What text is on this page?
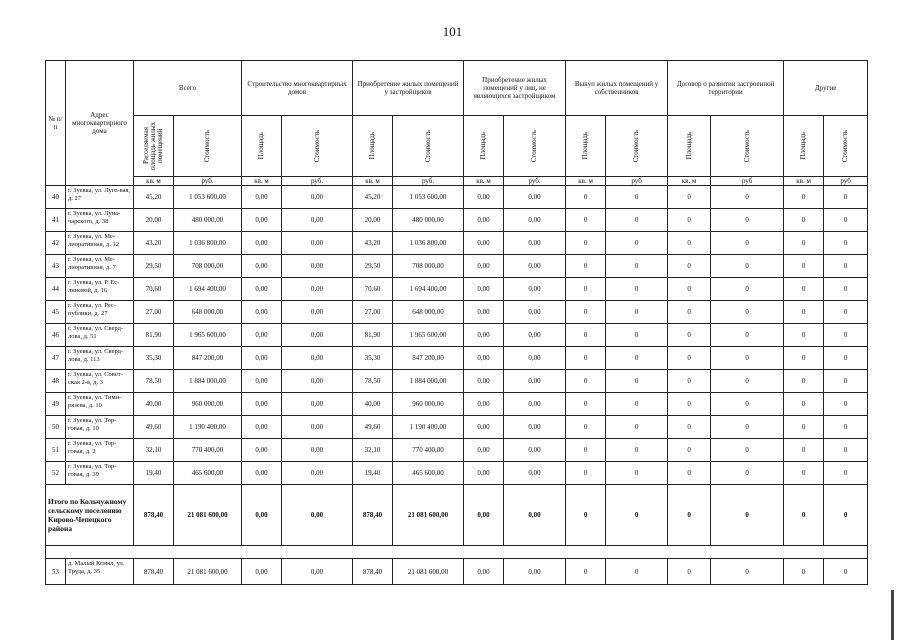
101
№ п/п	Адрес многоквартирного дома	Всего		Строительство многоквартирных домов		Приобретение жилых помещений у застройщиков		Приобретение жилых помещений у лиц, не являющихся застройщиком		Выкуп жилых помещений у собственников		Договор о развитии застроенной территории		Другие	

		Расселяемая площадь жилых помещений	Стоимость	Площадь	Стоимость	Площадь	Стоимость	Площадь	Стоимость	Площадь	Стоимость	Площадь	Стоимость	Площадь	Стоимость

		кв. м	руб.	кв. м	руб.	кв. м	руб.	кв. м	руб.	кв. м	руб	кв. м	руб	кв. м	руб
40	г. Зуевка, ул. Луго-вая, д. 27	45,20	1 053 600,00	0,00	0,00	45,20	1 053 600,00	0,00	0,00	0	0	0	0	0	0
41	г. Зуевка, ул. Луна-чарского, д. 38	20,00	480 000,00	0,00	0,00	20,00	480 000,00	0,00	0,00	0	0	0	0	0	0
42	г. Зуевка, ул. Ме-лиоративная, д. 12	43,20	1 036 800,00	0,00	0,00	43,20	1 036 800,00	0,00	0,00	0	0	0	0	0	0
43	г. Зуевка, ул. Ме-лиоративная, д. 7	29,50	708 000,00	0,00	0,00	29,50	708 000,00	0,00	0,00	0	0	0	0	0	0
44	г. Зуевка, ул. Р. Ес-линевой, д. 16	70,60	1 694 400,00	0,00	0,00	70,60	1 694 400,00	0,00	0,00	0	0	0	0	0	0
45	г. Зуевка, ул. Рес-публики, д. 27	27,00	648 000,00	0,00	0,00	27,00	648 000,00	0,00	0,00	0	0	0	0	0	0
46	г. Зуевка, ул. Сверд-лова, д. 51	81,90	1 965 600,00	0,00	0,00	81,90	1 965 600,00	0,00	0,00	0	0	0	0	0	0
47	г. Зуевка, ул. Сверд-лова, д. 113	35,30	847 200,00	0,00	0,00	35,30	847 200,00	0,00	0,00	0	0	0	0	0	0
48	г. Зуевка, ул. Совет-ская 2-я, д. 3	78,50	1 884 000,00	0,00	0,00	78,50	1 884 000,00	0,00	0,00	0	0	0	0	0	0
49	г. Зуевка, ул. Тими-рязева, д. 10	40,00	960 000,00	0,00	0,00	40,00	960 000,00	0,00	0,00	0	0	0	0	0	0
50	г. Зуевка, ул. Тор-говая, д. 10	49,60	1 190 400,00	0,00	0,00	49,60	1 190 400,00	0,00	0,00	0	0	0	0	0	0
51	г. Зуевка, ул. Тор-говая, д. 2	32,10	770 400,00	0,00	0,00	32,10	770 400,00	0,00	0,00	0	0	0	0	0	0
52	г. Зуевка, ул. Тор-говая, д. 39	19,40	465 600,00	0,00	0,00	19,40	465 600,00	0,00	0,00	0	0	0	0	0	0
Итого по Кольчужному сельскому поселению Кирово-Чепецкого района		878,40	21 081 600,00	0,00	0,00	878,40	21 081 600,00	0,00	0,00	0	0	0	0	0	0

53	д. Малый Кемял, ул. Труда, д. 35	878,40	21 081 600,00	0,00	0,00	878,40	21 081 600,00	0,00	0,00	0	0	0	0	0	0
